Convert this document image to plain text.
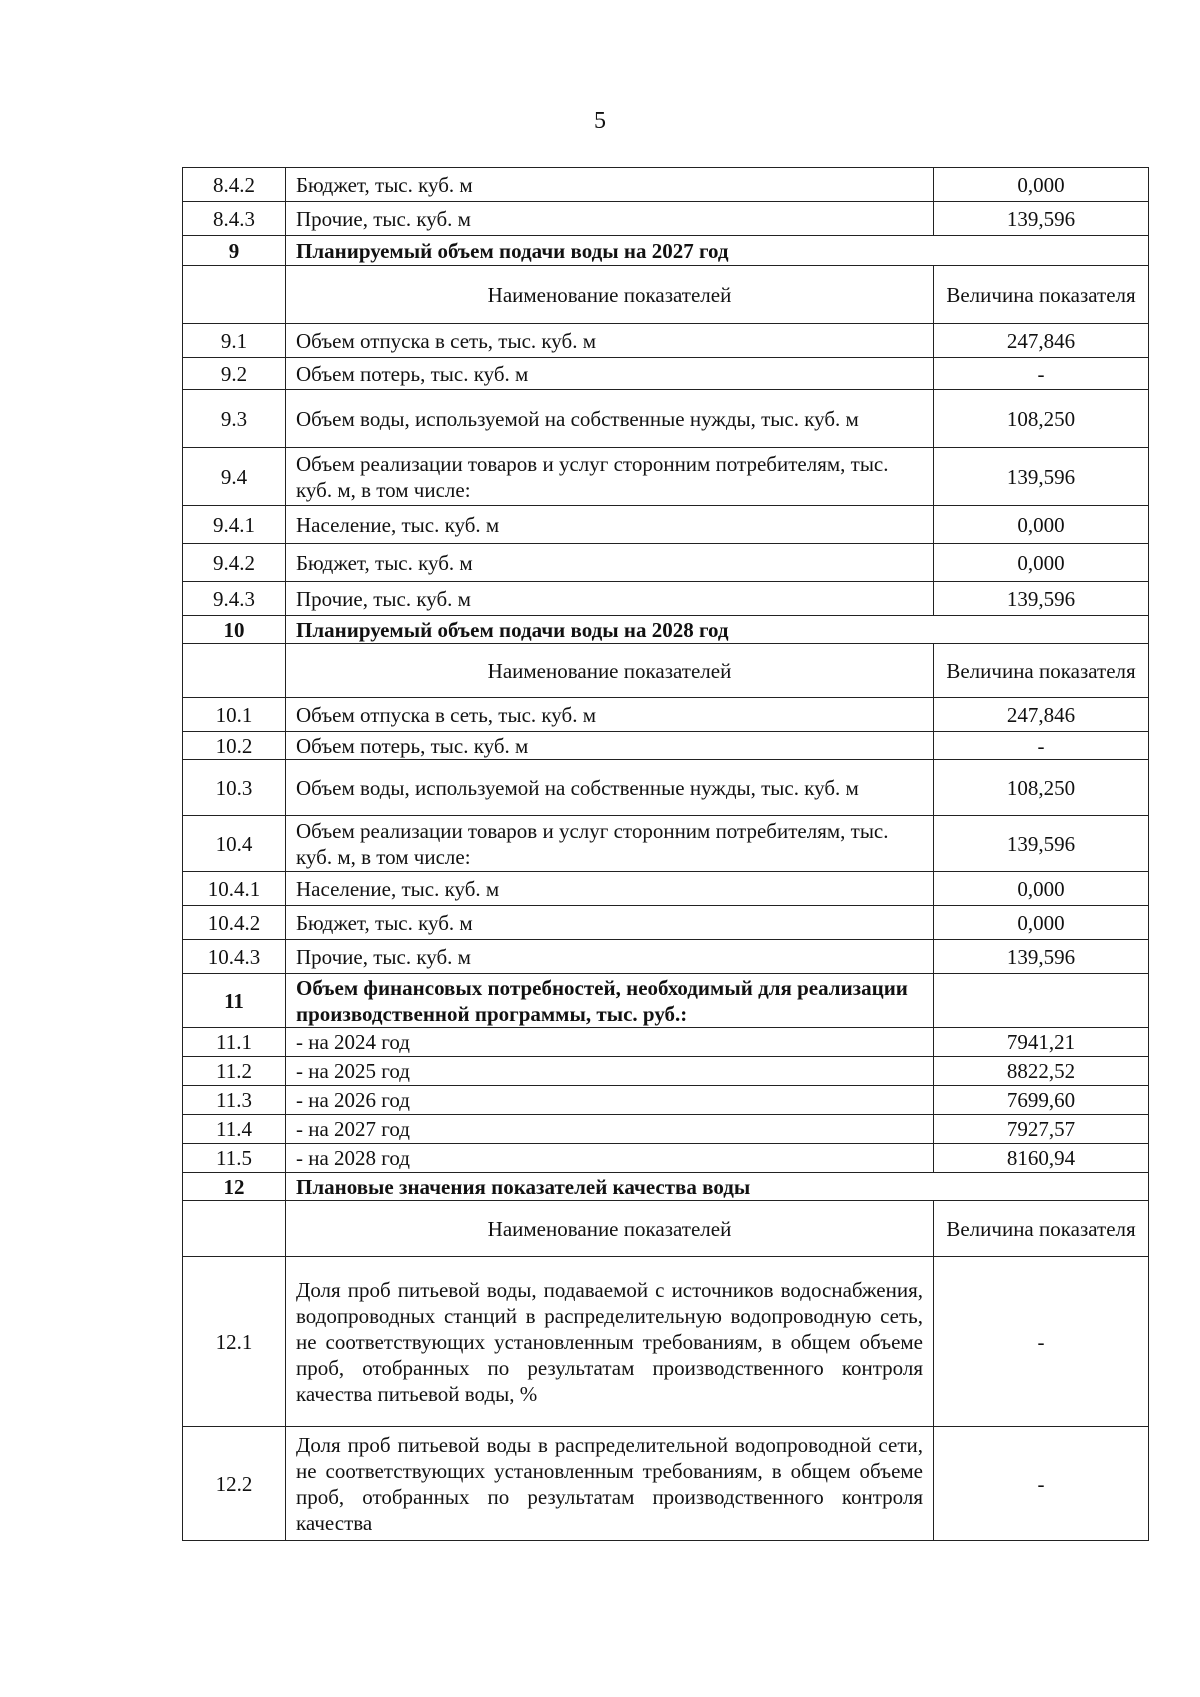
5
8.4.2	Бюджет, тыс. куб. м	0,000
8.4.3	Прочие, тыс. куб. м	139,596
9	Планируемый объем подачи воды на 2027 год	
	Наименование показателей	Величина показателя
9.1	Объем отпуска в сеть, тыс. куб. м	247,846
9.2	Объем потерь, тыс. куб. м	-
9.3	Объем воды, используемой на собственные нужды, тыс. куб. м	108,250
9.4	Объем реализации товаров и услуг сторонним потребителям, тыс. куб. м, в том числе:	139,596
9.4.1	Население, тыс. куб. м	0,000
9.4.2	Бюджет, тыс. куб. м	0,000
9.4.3	Прочие, тыс. куб. м	139,596
10	Планируемый объем подачи воды на 2028 год	
	Наименование показателей	Величина показателя
10.1	Объем отпуска в сеть, тыс. куб. м	247,846
10.2	Объем потерь, тыс. куб. м	-
10.3	Объем воды, используемой на собственные нужды, тыс. куб. м	108,250
10.4	Объем реализации товаров и услуг сторонним потребителям, тыс. куб. м, в том числе:	139,596
10.4.1	Население, тыс. куб. м	0,000
10.4.2	Бюджет, тыс. куб. м	0,000
10.4.3	Прочие, тыс. куб. м	139,596
11	Объем финансовых потребностей, необходимый для реализации производственной программы, тыс. руб.:	
11.1	- на 2024 год	7941,21
11.2	- на 2025 год	8822,52
11.3	- на 2026 год	7699,60
11.4	- на 2027 год	7927,57
11.5	- на 2028 год	8160,94
12	Плановые значения показателей качества воды	
	Наименование показателей	Величина показателя
12.1	Доля проб питьевой воды, подаваемой с источников водоснабжения, водопроводных станций в распределительную водопроводную сеть, не соответствующих установленным требованиям, в общем объеме проб, отобранных по результатам производственного контроля качества питьевой воды, %	-
12.2	Доля проб питьевой воды в распределительной водопроводной сети, не соответствующих установленным требованиям, в общем объеме проб, отобранных по результатам производственного контроля качества	-
